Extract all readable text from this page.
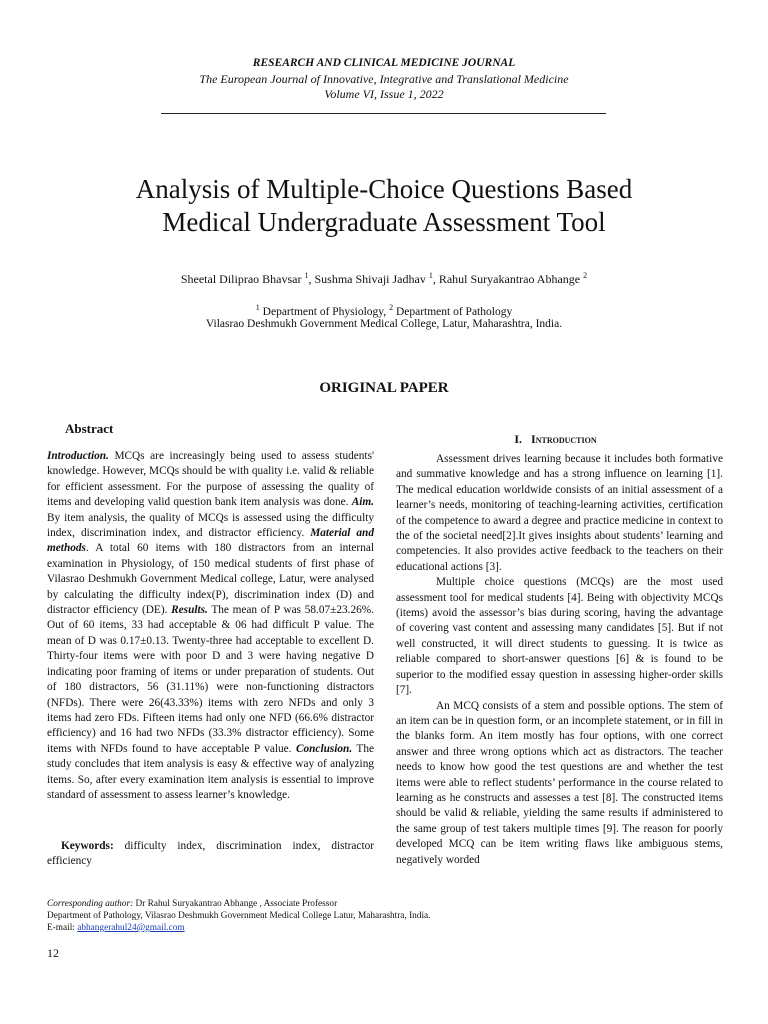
RESEARCH AND CLINICAL MEDICINE JOURNAL
The European Journal of Innovative, Integrative and Translational Medicine
Volume VI, Issue 1, 2022
Analysis of Multiple-Choice Questions Based
Medical Undergraduate Assessment Tool
Sheetal Diliprao Bhavsar $^1$, Sushma Shivaji Jadhav $^1$, Rahul Suryakantrao Abhange $^2$
$^1$ Department of Physiology, $^2$ Department of Pathology
Vilasrao Deshmukh Government Medical College, Latur, Maharashtra, India.
ORIGINAL PAPER
Abstract
Introduction. MCQs are increasingly being used to assess students' knowledge. However, MCQs should be with quality i.e. valid & reliable for efficient assessment. For the purpose of assessing the quality of items and developing valid question bank item analysis was done. Aim. By item analysis, the quality of MCQs is assessed using the difficulty index, discrimination index, and distractor efficiency. Material and methods. A total 60 items with 180 distractors from an internal examination in Physiology, of 150 medical students of first phase of Vilasrao Deshmukh Government Medical college, Latur, were analysed by calculating the difficulty index(P), discrimination index (D) and distractor efficiency (DE). Results. The mean of P was 58.07±23.26%. Out of 60 items, 33 had acceptable & 06 had difficult P value. The mean of D was 0.17±0.13. Twenty-three had acceptable to excellent D. Thirty-four items were with poor D and 3 were having negative D indicating poor framing of items or under preparation of students. Out of 180 distractors, 56 (31.11%) were non-functioning distractors (NFDs). There were 26(43.33%) items with zero NFDs and only 3 items had zero FDs. Fifteen items had only one NFD (66.6% distractor efficiency) and 16 had two NFDs (33.3% distractor efficiency). Some items with NFDs found to have acceptable P value. Conclusion. The study concludes that item analysis is easy & effective way of analyzing items. So, after every examination item analysis is essential to improve standard of assessment to assess learner’s knowledge.
Keywords: difficulty index, discrimination index, distractor efficiency
I. Introduction

Assessment drives learning because it includes both formative and summative knowledge and has a strong influence on learning [1]. The medical education worldwide consists of an initial assessment of a learner’s needs, monitoring of teaching-learning activities, certification of the competence to award a degree and practice medicine in context to the of the societal need[2].It gives insights about students’ learning and competencies. It also provides active feedback to the teachers on their educational actions [3].

Multiple choice questions (MCQs) are the most used assessment tool for medical students [4]. Being with objectivity MCQs (items) avoid the assessor’s bias during scoring, having the advantage of covering vast content and assessing many candidates [5]. But if not well constructed, it will direct students to guessing. It is twice as reliable compared to short-answer questions [6] & is found to be superior to the modified essay question in assessing higher-order skills [7].

An MCQ consists of a stem and possible options. The stem of an item can be in question form, or an incomplete statement, or in fill in the blanks form. An item mostly has four options, with one correct answer and three wrong options which act as distractors. The teacher needs to know how good the test questions are and whether the test items were able to reflect students’ performance in the course related to learning as he constructs and assesses a test [8]. The constructed items should be valid & reliable, yielding the same results if administered to the same group of test takers multiple times [9]. The reason for poorly developed MCQ can be item writing flaws like ambiguous stems, negatively worded

Corresponding author: Dr Rahul Suryakantrao Abhange , Associate Professor
Department of Pathology, Vilasrao Deshmukh Government Medical College Latur, Maharashtra, India.
E-mail: abhangerahul24@gmail.com
12
